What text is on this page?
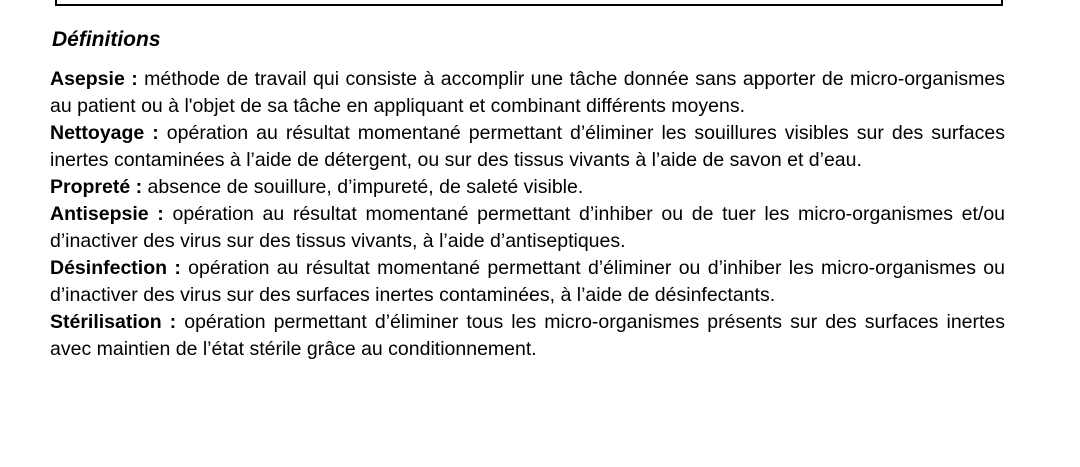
Définitions

Asepsie : méthode de travail qui consiste à accomplir une tâche donnée sans apporter de micro-organismes au patient ou à l'objet de sa tâche en appliquant et combinant différents moyens.

Nettoyage : opération au résultat momentané permettant d’éliminer les souillures visibles sur des surfaces inertes contaminées à l’aide de détergent, ou sur des tissus vivants à l’aide de savon et d’eau.

Propreté : absence de souillure, d’impureté, de saleté visible.

Antisepsie : opération au résultat momentané permettant d’inhiber ou de tuer les micro-organismes et/ou d’inactiver des virus sur des tissus vivants, à l’aide d’antiseptiques.

Désinfection : opération au résultat momentané permettant d’éliminer ou d’inhiber les micro-organismes ou d’inactiver des virus sur des surfaces inertes contaminées, à l’aide de désinfectants.

Stérilisation : opération permettant d’éliminer tous les micro-organismes présents sur des surfaces inertes avec maintien de l’état stérile grâce au conditionnement.
